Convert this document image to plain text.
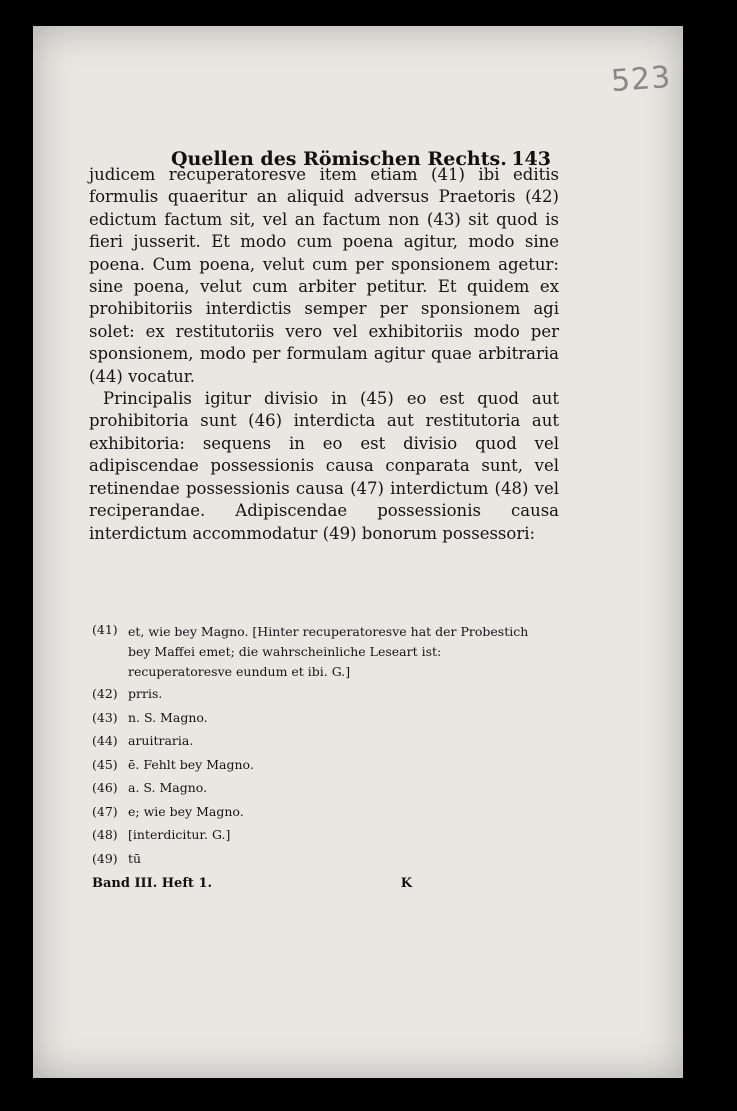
523
Quellen des Römischen Rechts. 143

judicem recuperatoresve item etiam (41) ibi editis formulis quaeritur an aliquid adversus Praetoris (42) edictum factum sit, vel an factum non (43) sit quod is fieri jusserit. Et modo cum poena agitur, modo sine poena. Cum poena, velut cum per sponsionem agetur: sine poena, velut cum arbiter petitur. Et quidem ex prohibitoriis interdictis semper per sponsionem agi solet: ex restitutoriis vero vel exhibitoriis modo per sponsionem, modo per formulam agitur quae arbitraria (44) vocatur.

Principalis igitur divisio in (45) eo est quod aut prohibitoria sunt (46) interdicta aut restitutoria aut exhibitoria: sequens in eo est divisio quod vel adipiscendae possessionis causa conparata sunt, vel retinendae possessionis causa (47) interdictum (48) vel reciperandae. Adipiscendae possessionis causa interdictum accommodatur (49) bonorum possessori:

(41) et, wie bey Magno. [Hinter recuperatoresve hat der Probestich bey Maffei emet; die wahrscheinliche Leseart ist: recuperatoresve eundum et ibi. G.]
(42) prris.
(43) n. S. Magno.
(44) aruitraria.
(45) ē. Fehlt bey Magno.
(46) a. S. Magno.
(47) e; wie bey Magno.
(48) [interdicitur. G.]
(49) tū
Band III. Heft 1.	K
